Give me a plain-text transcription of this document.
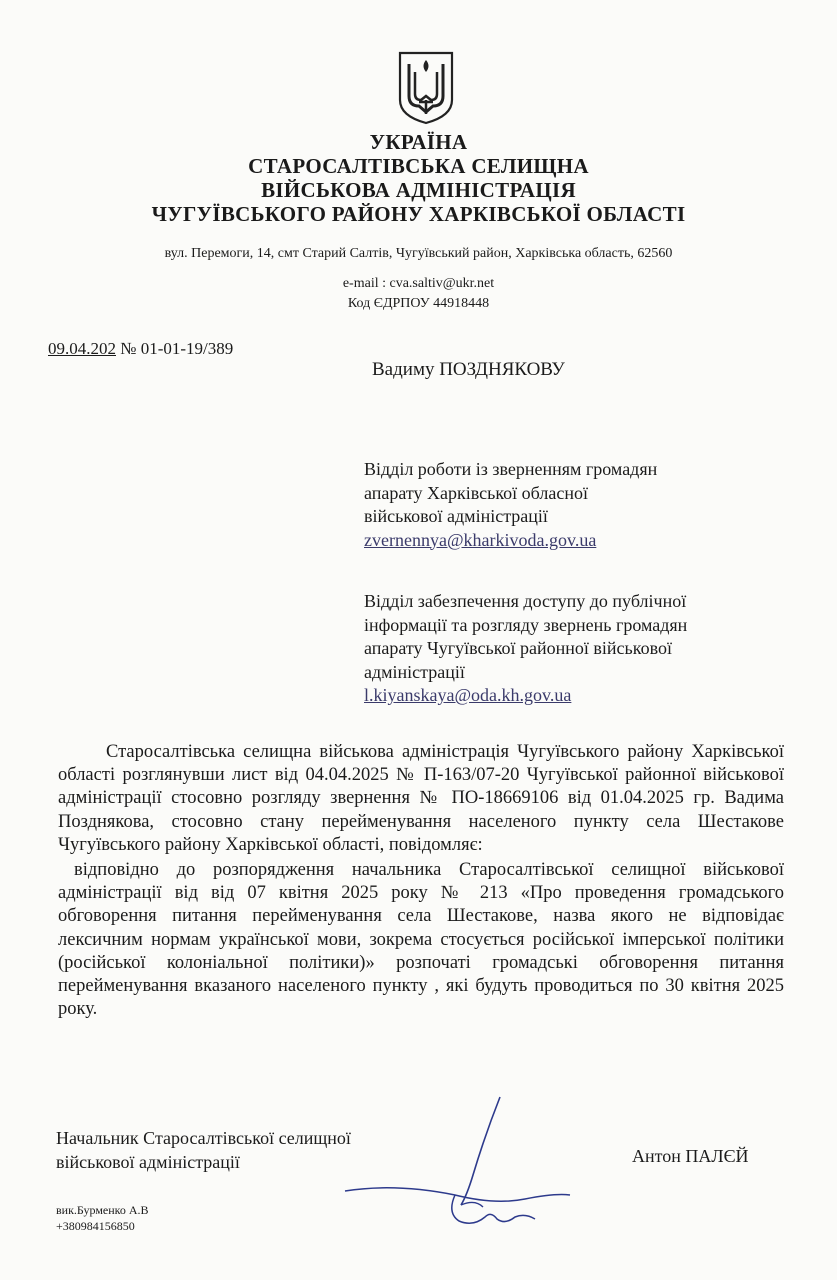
УКРАЇНА
СТАРОСАЛТІВСЬКА СЕЛИЩНА
ВІЙСЬКОВА АДМІНІСТРАЦІЯ
ЧУГУЇВСЬКОГО РАЙОНУ ХАРКІВСЬКОЇ ОБЛАСТІ
вул. Перемоги, 14, смт Старий Салтів, Чугуївський район, Харківська область, 62560
e-mail : cva.saltiv@ukr.net
Код ЄДРПОУ 44918448
09.04.202 № 01-01-19/389
Вадиму ПОЗДНЯКОВУ
Відділ роботи із зверненням громадян
апарату Харківської обласної
військової адміністрації
zvernennya@kharkivoda.gov.ua
Відділ забезпечення доступу до публічної
інформації та розгляду звернень громадян
апарату Чугуївської районної військової
адміністрації
l.kiyanskaya@oda.kh.gov.ua

Старосалтівська селищна військова адміністрація Чугуївського району Харківської області розглянувши лист від 04.04.2025 № П-163/07-20 Чугуївської районної військової адміністрації стосовно розгляду звернення № ПО-18669106 від 01.04.2025 гр. Вадима Позднякова, стосовно стану перейменування населеного пункту села Шестакове Чугуївського району Харківської області, повідомляє:

відповідно до розпорядження начальника Старосалтівської селищної військової адміністрації від від 07 квітня 2025 року № 213 «Про проведення громадського обговорення питання перейменування села Шестакове, назва якого не відповідає лексичним нормам української мови, зокрема стосується російської імперської політики (російської колоніальної політики)» розпочаті громадські обговорення питання перейменування вказаного населеного пункту , які будуть проводиться по 30 квітня 2025 року.

Начальник Старосалтівської селищної
військової адміністрації	Антон ПАЛЄЙ
вик.Бурменко А.В
+380984156850
